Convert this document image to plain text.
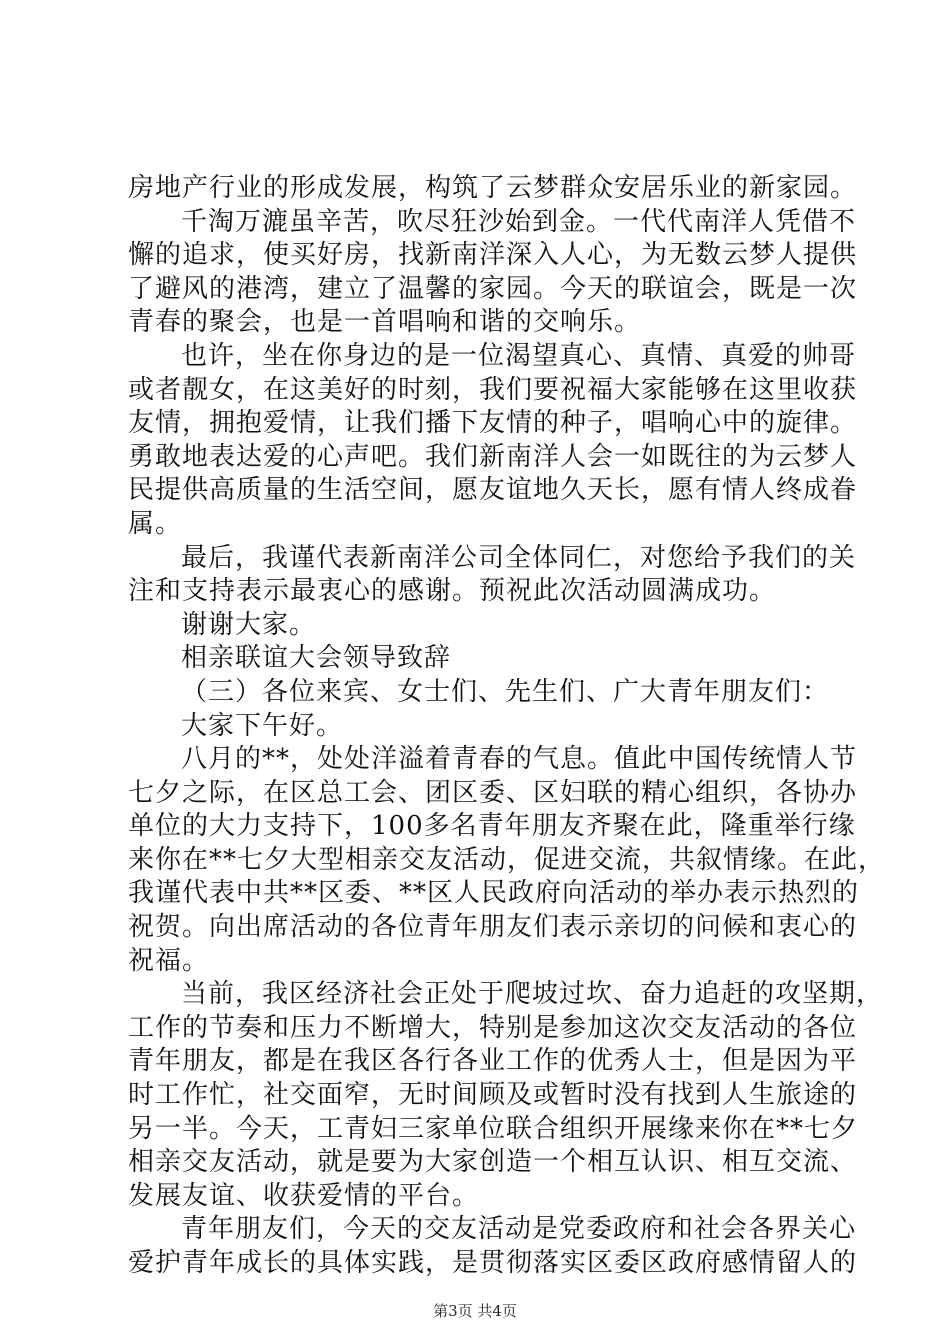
房地产行业的形成发展，构筑了云梦群众安居乐业的新家园。
千淘万漉虽辛苦，吹尽狂沙始到金。一代代南洋人凭借不
懈的追求，使买好房，找新南洋深入人心，为无数云梦人提供
了避风的港湾，建立了温馨的家园。今天的联谊会，既是一次
青春的聚会，也是一首唱响和谐的交响乐。
也许，坐在你身边的是一位渴望真心、真情、真爱的帅哥
或者靓女，在这美好的时刻，我们要祝福大家能够在这里收获
友情，拥抱爱情，让我们播下友情的种子，唱响心中的旋律。
勇敢地表达爱的心声吧。我们新南洋人会一如既往的为云梦人
民提供高质量的生活空间，愿友谊地久天长，愿有情人终成眷
属。
最后，我谨代表新南洋公司全体同仁，对您给予我们的关
注和支持表示最衷心的感谢。预祝此次活动圆满成功。
谢谢大家。
相亲联谊大会领导致辞
（三）各位来宾、女士们、先生们、广大青年朋友们：
大家下午好。
八月的**，处处洋溢着青春的气息。值此中国传统情人节
七夕之际，在区总工会、团区委、区妇联的精心组织，各协办
单位的大力支持下，100多名青年朋友齐聚在此，隆重举行缘
来你在**七夕大型相亲交友活动，促进交流，共叙情缘。在此，
我谨代表中共**区委、**区人民政府向活动的举办表示热烈的
祝贺。向出席活动的各位青年朋友们表示亲切的问候和衷心的
祝福。
当前，我区经济社会正处于爬坡过坎、奋力追赶的攻坚期，
工作的节奏和压力不断增大，特别是参加这次交友活动的各位
青年朋友，都是在我区各行各业工作的优秀人士，但是因为平
时工作忙，社交面窄，无时间顾及或暂时没有找到人生旅途的
另一半。今天，工青妇三家单位联合组织开展缘来你在**七夕
相亲交友活动，就是要为大家创造一个相互认识、相互交流、
发展友谊、收获爱情的平台。
青年朋友们，今天的交友活动是党委政府和社会各界关心
爱护青年成长的具体实践，是贯彻落实区委区政府感情留人的
第3页 共4页
